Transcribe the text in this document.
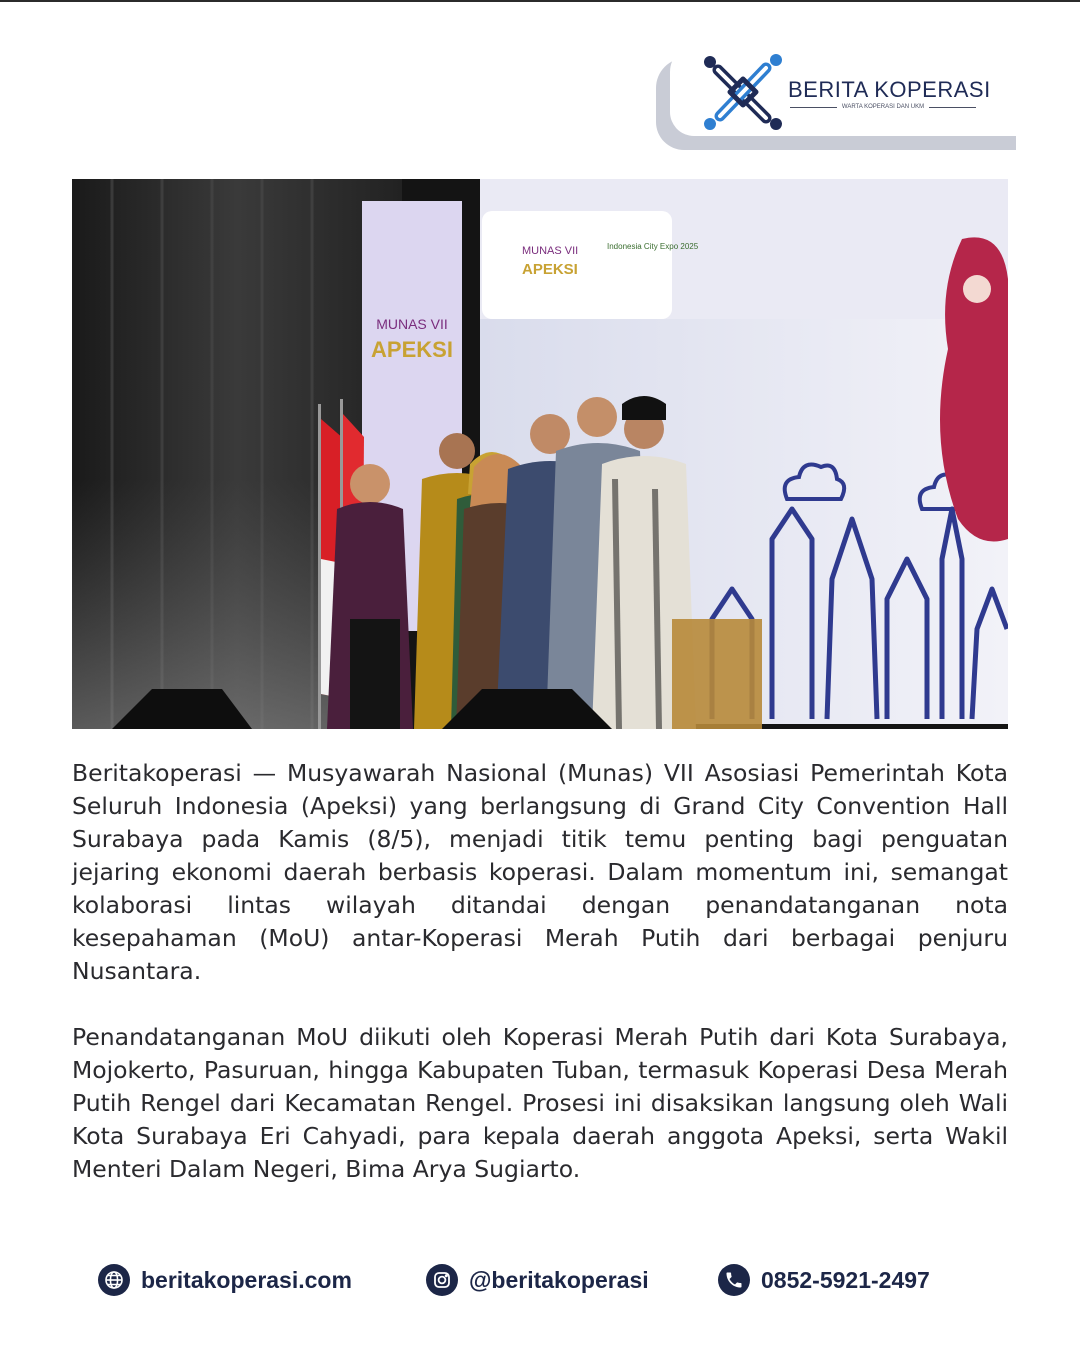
BERITA KOPERASI
WARTA KOPERASI DAN UKM
MUNAS VII
APEKSI
MUNAS VII
APEKSI
Indonesia City Expo 2025

Beritakoperasi — Musyawarah Nasional (Munas) VII Asosiasi Pemerintah Kota Seluruh Indonesia (Apeksi) yang berlangsung di Grand City Convention Hall Surabaya pada Kamis (8/5), menjadi titik temu penting bagi penguatan jejaring ekonomi daerah berbasis koperasi. Dalam momentum ini, semangat kolaborasi lintas wilayah ditandai dengan penandatanganan nota kesepahaman (MoU) antar-Koperasi Merah Putih dari berbagai penjuru Nusantara.

Penandatanganan MoU diikuti oleh Koperasi Merah Putih dari Kota Surabaya, Mojokerto, Pasuruan, hingga Kabupaten Tuban, termasuk Koperasi Desa Merah Putih Rengel dari Kecamatan Rengel. Prosesi ini disaksikan langsung oleh Wali Kota Surabaya Eri Cahyadi, para kepala daerah anggota Apeksi, serta Wakil Menteri Dalam Negeri, Bima Arya Sugiarto.

beritakoperasi.com	@beritakoperasi	0852-5921-2497
